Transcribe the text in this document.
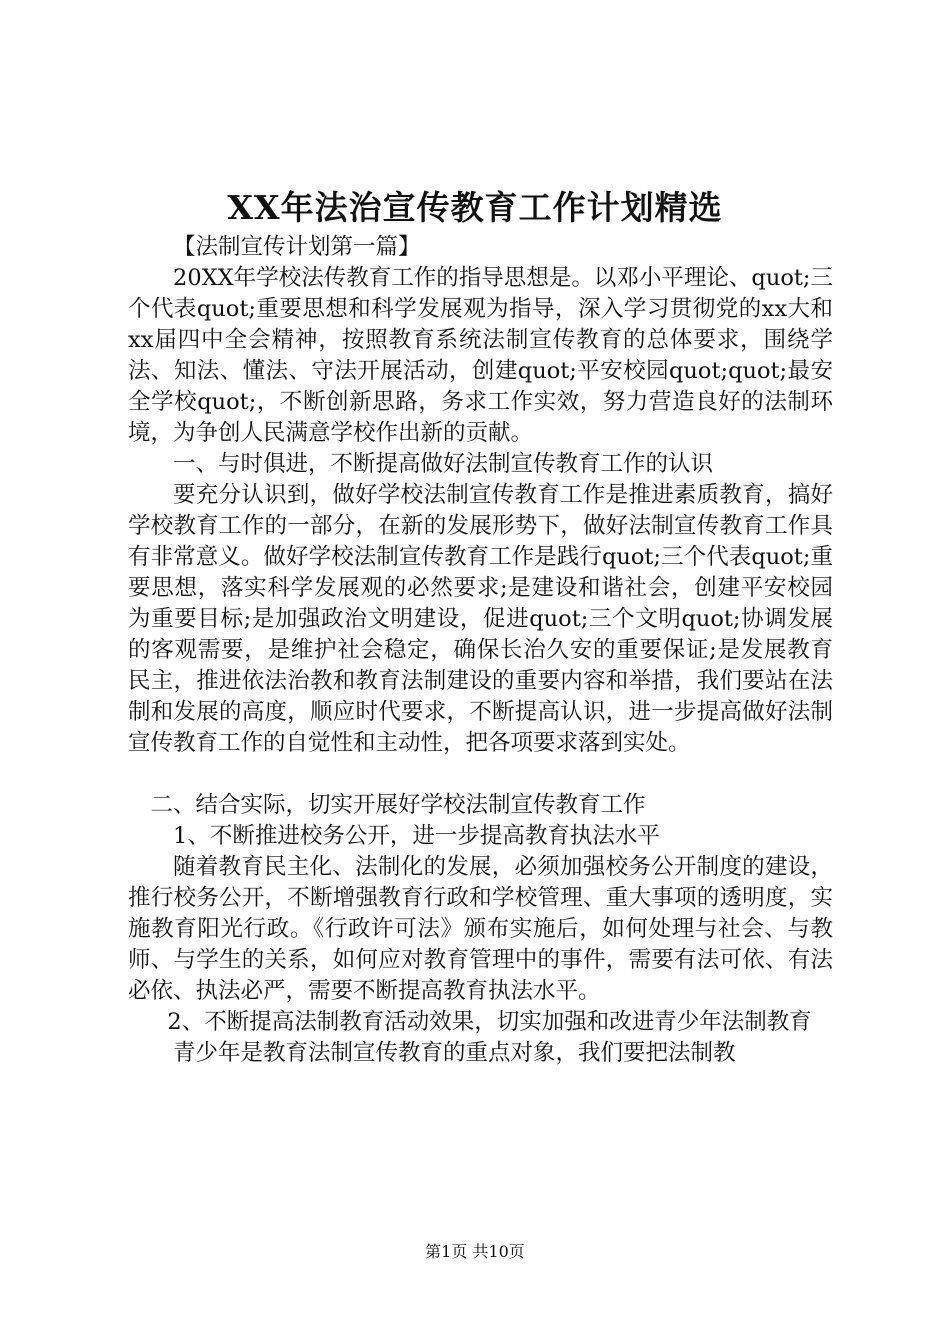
XX年法治宣传教育工作计划精选

【法制宣传计划第一篇】

20XX年学校法传教育工作的指导思想是。以邓小平理论、quot;三个代表quot;重要思想和科学发展观为指导，深入学习贯彻党的xx大和xx届四中全会精神，按照教育系统法制宣传教育的总体要求，围绕学法、知法、懂法、守法开展活动，创建quot;平安校园quot;quot;最安全学校quot;，不断创新思路，务求工作实效，努力营造良好的法制环境，为争创人民满意学校作出新的贡献。

一、与时俱进，不断提高做好法制宣传教育工作的认识

要充分认识到，做好学校法制宣传教育工作是推进素质教育，搞好学校教育工作的一部分，在新的发展形势下，做好法制宣传教育工作具有非常意义。做好学校法制宣传教育工作是践行quot;三个代表quot;重要思想，落实科学发展观的必然要求;是建设和谐社会，创建平安校园为重要目标;是加强政治文明建设，促进quot;三个文明quot;协调发展的客观需要，是维护社会稳定，确保长治久安的重要保证;是发展教育民主，推进依法治教和教育法制建设的重要内容和举措，我们要站在法制和发展的高度，顺应时代要求，不断提高认识，进一步提高做好法制宣传教育工作的自觉性和主动性，把各项要求落到实处。

二、结合实际，切实开展好学校法制宣传教育工作

1、不断推进校务公开，进一步提高教育执法水平

随着教育民主化、法制化的发展，必须加强校务公开制度的建设，推行校务公开，不断增强教育行政和学校管理、重大事项的透明度，实施教育阳光行政。《行政许可法》颁布实施后，如何处理与社会、与教师、与学生的关系，如何应对教育管理中的事件，需要有法可依、有法必依、执法必严，需要不断提高教育执法水平。

2、不断提高法制教育活动效果，切实加强和改进青少年法制教育

青少年是教育法制宣传教育的重点对象，我们要把法制教

第1页 共10页
